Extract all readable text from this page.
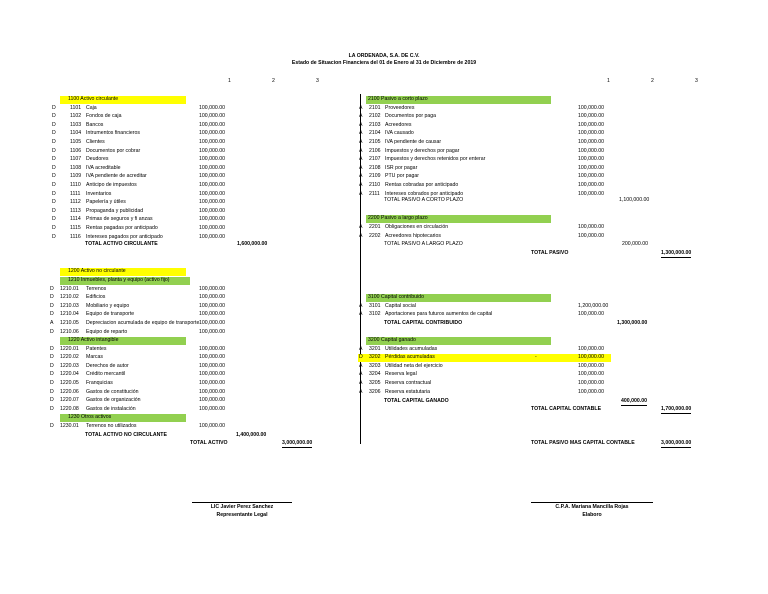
LA ORDENADA, S.A. DE C.V.
Estado de Situacion Financiera del 01 de Enero al 31 de Diciembre de 2019
1	2	3	1	2	3
1100 Activo circulante
D	1101 Caja	100,000.00
D	1102 Fondos de caja	100,000.00
D	1103 Bancos	100,000.00
D	1104 Intrumentos financieros	100,000.00
D	1105 Clientes	100,000.00
D	1106 Documentos por cobrar	100,000.00
D	1107 Deudores	100,000.00
D	1108 IVA acreditable	100,000.00
D	1109 IVA pendiente de acreditar	100,000.00
D	1110 Anticipo de impuestos	100,000.00
D	1111 Inventarios	100,000.00
D	1112 Papelería y útiles	100,000.00
D	1113 Propaganda y publicidad	100,000.00
D	1114 Primas de seguros y fi anzas	100,000.00
D	1115 Rentas pagadas por anticipado	100,000.00
D	1116 Intereses pagados por anticipado	100,000.00
TOTAL ACTIVO CIRCULANTE	1,600,000.00
1200 Activo no circulante
1210 Inmuebles, planta y equipo (activo fijo)
D 1210.01 Terrenos	100,000.00
D 1210.02 Edificios	100,000.00
D 1210.03 Mobiliario y equipo	100,000.00
D 1210.04 Equipo de transporte	100,000.00
A 1210.05 Depreciacion acumulada de equipo de transporte 100,000.00
D 1210.06 Equipo de reparto	100,000.00
1220 Activo intangible
D 1220.01 Patentes	100,000.00
D 1220.02 Marcas	100,000.00
D 1220.03 Derechos de autor	100,000.00
D 1220.04 Crédito mercantil	100,000.00
D 1220.05 Franquicias	100,000.00
D 1220.06 Gastos de constitución	100,000.00
D 1220.07 Gastos de organización	100,000.00
D 1220.08 Gastos de instalación	100,000.00
1230 Otros activos
D 1230.01 Terrenos no utilizados	100,000.00
TOTAL ACTIVO NO CIRCULANTE	1,400,000.00
TOTAL ACTIVO	3,000,000.00
2100 Pasivo a corto plazo
A 2101 Proveedores	100,000.00
A 2102 Documentos por paga	100,000.00
A 2103 Acreedores	100,000.00
A 2104 IVA causado	100,000.00
A 2105 IVA pendiente de causar	100,000.00
A 2106 Impuestos y derechos por pagar	100,000.00
A 2107 Impuestos y derechos retenidos por enterar	100,000.00
A 2108 ISR por pagar	100,000.00
A 2109 PTU por pagar	100,000.00
A 2110 Rentas cobradas por anticipado	100,000.00
A 2111 Intereses cobrados por anticipado	100,000.00
TOTAL PASIVO A CORTO PLAZO	1,100,000.00
2200 Pasivo a largo plazo
A 2201 Obligaciones en circulación	100,000.00
A 2202 Acreedores hipotecarios	100,000.00
TOTAL PASIVO A LARGO PLAZO	200,000.00
TOTAL PASIVO	1,300,000.00
3100 Capital contribuido
A 3101 Capital social	1,200,000.00
A 3102 Aportaciones para futuros aumentos de capital	100,000.00
TOTAL CAPITAL CONTRIBUIDO	1,300,000.00
3200 Capital ganado
A 3201 Utilidades acumuladas	100,000.00
D 3202 Pérdidas acumuladas	-	100,000.00
A 3203 Utilidad neta del ejercicio	100,000.00
A 3204 Reserva legal	100,000.00
A 3205 Reserva contractual	100,000.00
A 3206 Reserva estatutaria	100,000.00
TOTAL CAPITAL GANADO	400,000.00
TOTAL CAPITAL CONTABLE	1,700,000.00
TOTAL PASIVO MAS CAPITAL CONTABLE	3,000,000.00
LIC Javier Perez Sanchez
Representante Legal
C.P.A. Mariana Mancilla Rojas
Elaboro
